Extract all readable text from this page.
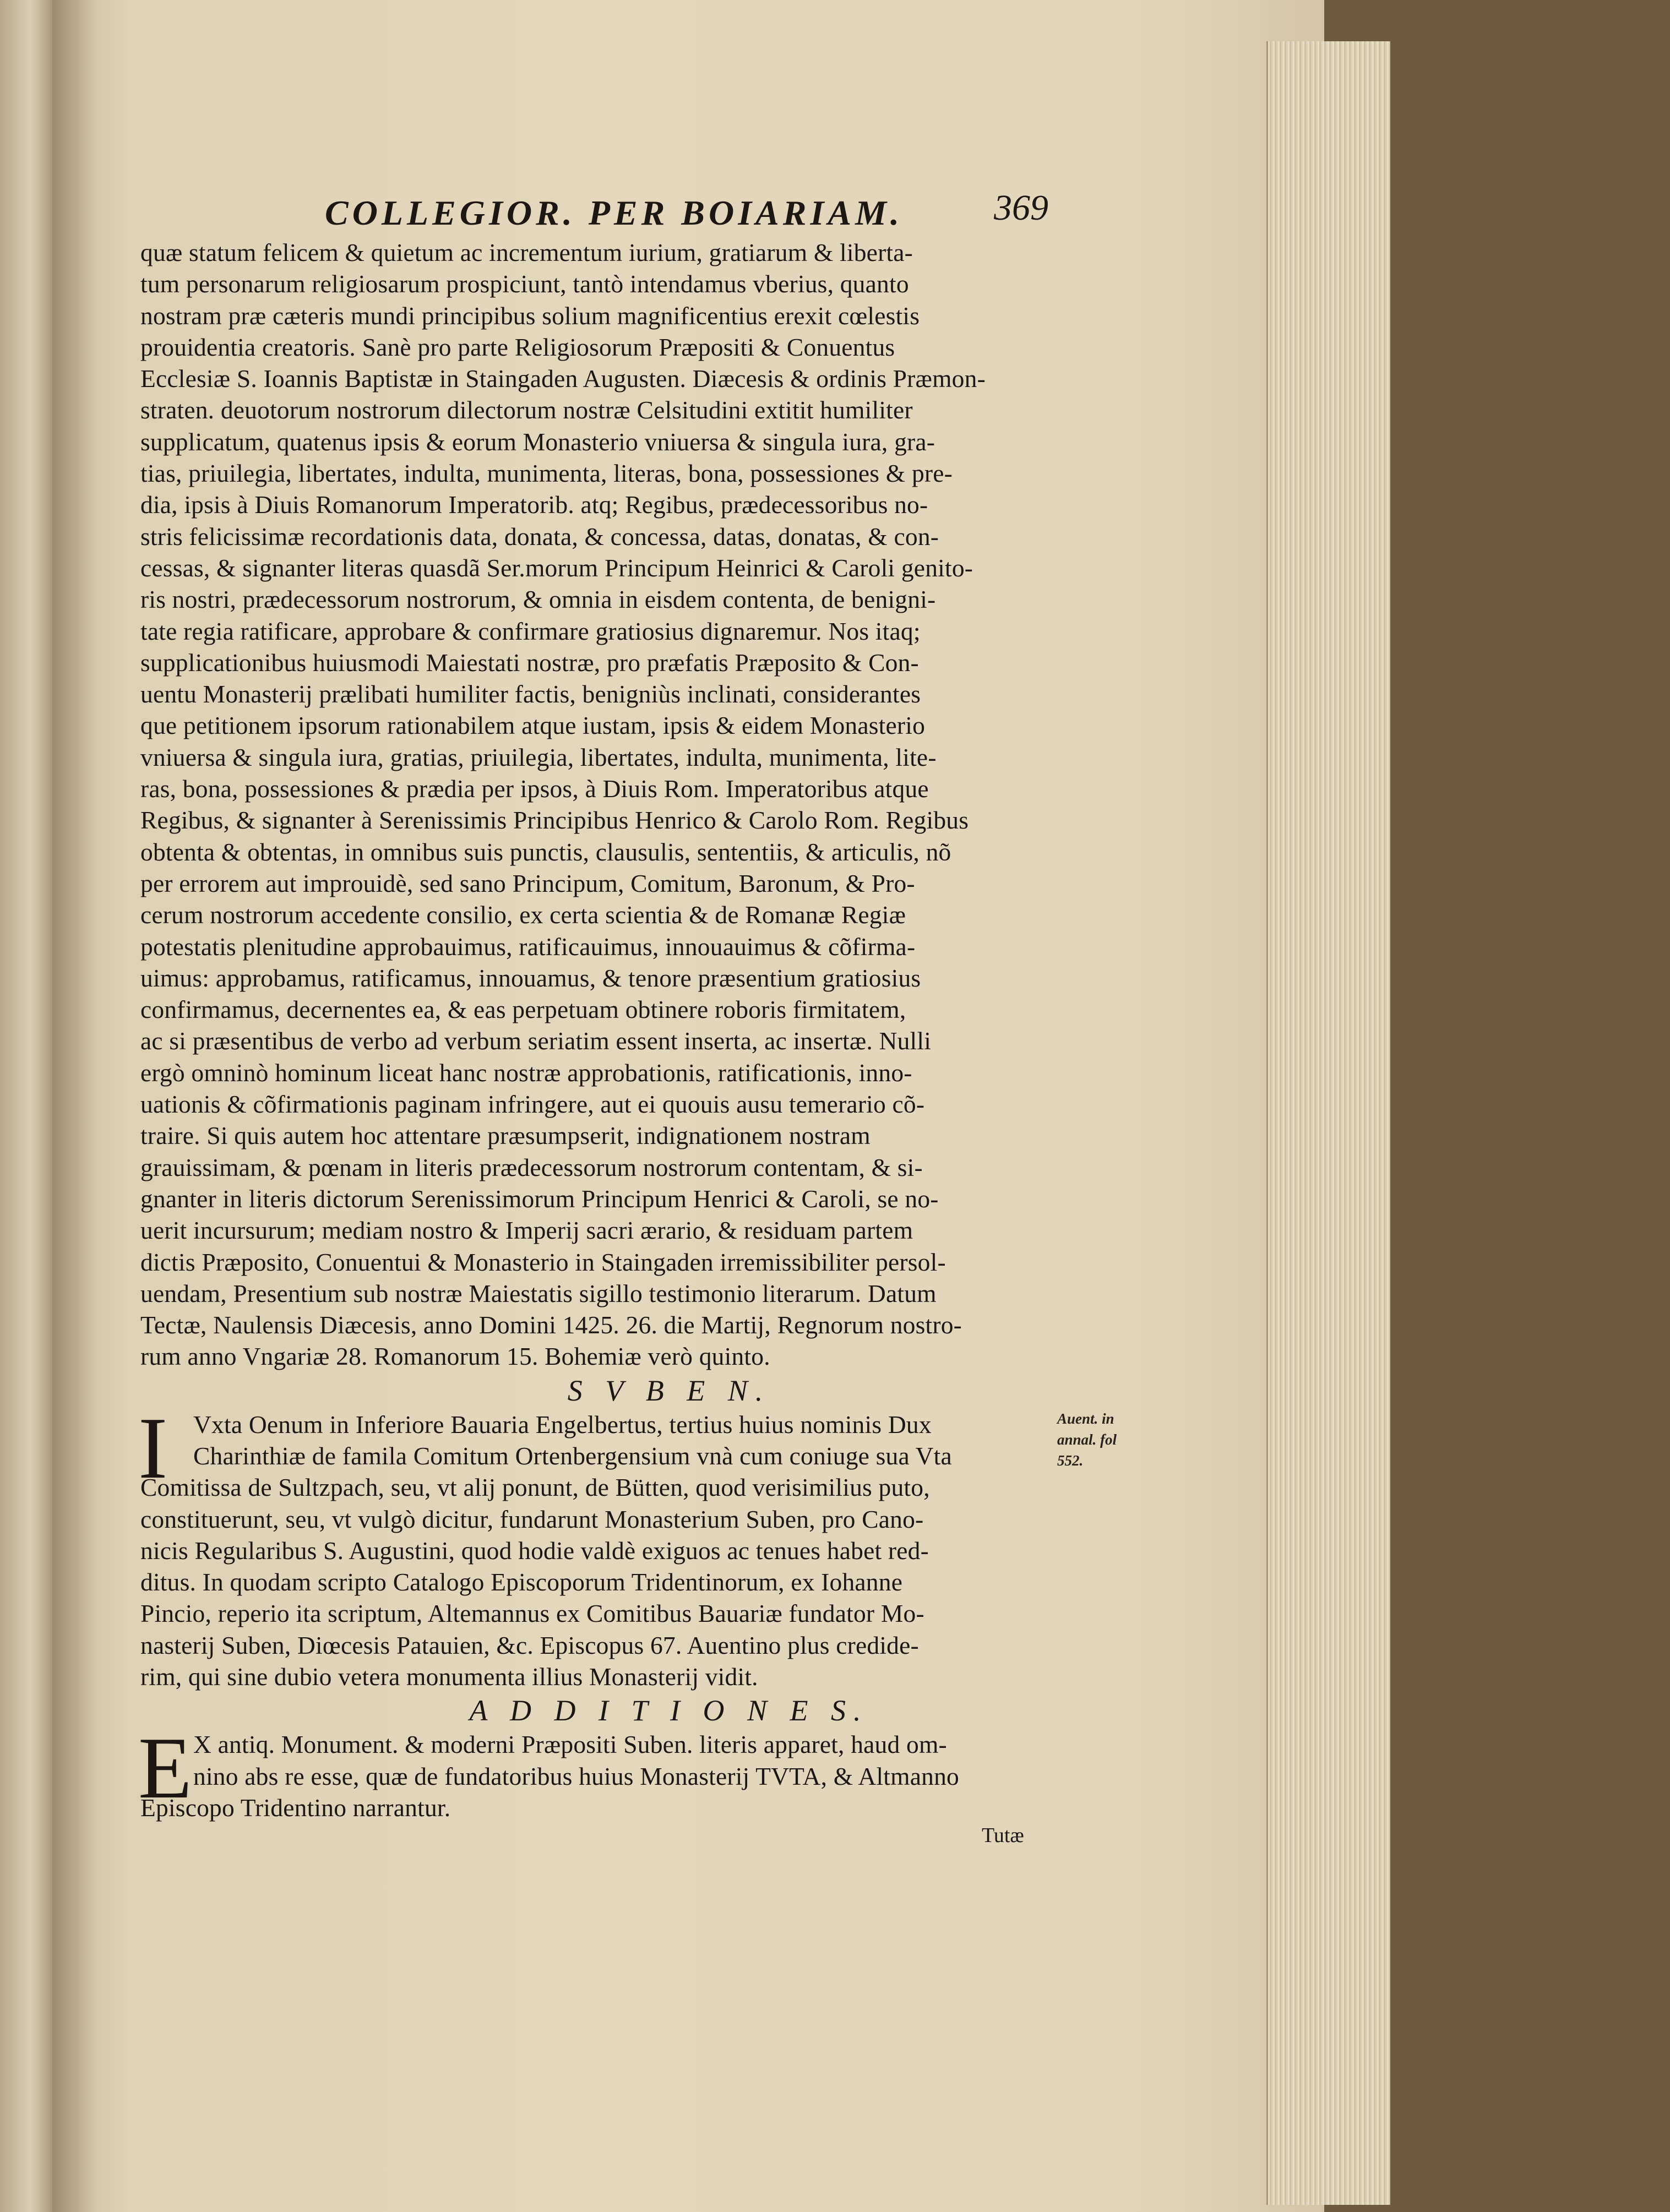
COLLEGIOR. PER BOIARIAM.	369
quæ statum felicem & quietum ac incrementum iurium, gratiarum & liberta-
tum personarum religiosarum prospiciunt, tantò intendamus vberius, quanto
nostram præ cæteris mundi principibus solium magnificentius erexit cœlestis
prouidentia creatoris. Sanè pro parte Religiosorum Præpositi & Conuentus
Ecclesiæ S. Ioannis Baptistæ in Staingaden Augusten. Diæcesis & ordinis Præmon-
straten. deuotorum nostrorum dilectorum nostræ Celsitudini extitit humiliter
supplicatum, quatenus ipsis & eorum Monasterio vniuersa & singula iura, gra-
tias, priuilegia, libertates, indulta, munimenta, literas, bona, possessiones & pre-
dia, ipsis à Diuis Romanorum Imperatorib. atq; Regibus, prædecessoribus no-
stris felicissimæ recordationis data, donata, & concessa, datas, donatas, & con-
cessas, & signanter literas quasdã Ser.morum Principum Heinrici & Caroli genito-
ris nostri, prædecessorum nostrorum, & omnia in eisdem contenta, de benigni-
tate regia ratificare, approbare & confirmare gratiosius dignaremur. Nos itaq;
supplicationibus huiusmodi Maiestati nostræ, pro præfatis Præposito & Con-
uentu Monasterij prælibati humiliter factis, benigniùs inclinati, considerantes
que petitionem ipsorum rationabilem atque iustam, ipsis & eidem Monasterio
vniuersa & singula iura, gratias, priuilegia, libertates, indulta, munimenta, lite-
ras, bona, possessiones & prædia per ipsos, à Diuis Rom. Imperatoribus atque
Regibus, & signanter à Serenissimis Principibus Henrico & Carolo Rom. Regibus
obtenta & obtentas, in omnibus suis punctis, clausulis, sententiis, & articulis, nõ
per errorem aut improuidè, sed sano Principum, Comitum, Baronum, & Pro-
cerum nostrorum accedente consilio, ex certa scientia & de Romanæ Regiæ
potestatis plenitudine approbauimus, ratificauimus, innouauimus & cõfirma-
uimus: approbamus, ratificamus, innouamus, & tenore præsentium gratiosius
confirmamus, decernentes ea, & eas perpetuam obtinere roboris firmitatem,
ac si præsentibus de verbo ad verbum seriatim essent inserta, ac insertæ. Nulli
ergò omninò hominum liceat hanc nostræ approbationis, ratificationis, inno-
uationis & cõfirmationis paginam infringere, aut ei quouis ausu temerario cõ-
traire. Si quis autem hoc attentare præsumpserit, indignationem nostram
grauissimam, & pœnam in literis prædecessorum nostrorum contentam, & si-
gnanter in literis dictorum Serenissimorum Principum Henrici & Caroli, se no-
uerit incursurum; mediam nostro & Imperij sacri ærario, & residuam partem
dictis Præposito, Conuentui & Monasterio in Staingaden irremissibiliter persol-
uendam, Presentium sub nostræ Maiestatis sigillo testimonio literarum. Datum
Tectæ, Naulensis Diæcesis, anno Domini 1425. 26. die Martij, Regnorum nostro-
rum anno Vngariæ 28. Romanorum 15. Bohemiæ verò quinto.
S V B E N.
I Vxta Oenum in Inferiore Bauaria Engelbertus, tertius huius nominis Dux
Charinthiæ de famila Comitum Ortenbergensium vnà cum coniuge sua Vta
Comitissa de Sultzpach, seu, vt alij ponunt, de Bütten, quod verisimilius puto,
constituerunt, seu, vt vulgò dicitur, fundarunt Monasterium Suben, pro Cano-
nicis Regularibus S. Augustini, quod hodie valdè exiguos ac tenues habet red-
ditus. In quodam scripto Catalogo Episcoporum Tridentinorum, ex Iohanne
Pincio, reperio ita scriptum, Altemannus ex Comitibus Bauariæ fundator Mo-
nasterij Suben, Diœcesis Patauien, &c. Episcopus 67. Auentino plus credide-
rim, qui sine dubio vetera monumenta illius Monasterij vidit.
A D D I T I O N E S.
E X antiq. Monument. & moderni Præpositi Suben. literis apparet, haud om-
nino abs re esse, quæ de fundatoribus huius Monasterij TVTA, & Altmanno
Episcopo Tridentino narrantur.
Auent. in
annal. fol
552.
Tutæ
